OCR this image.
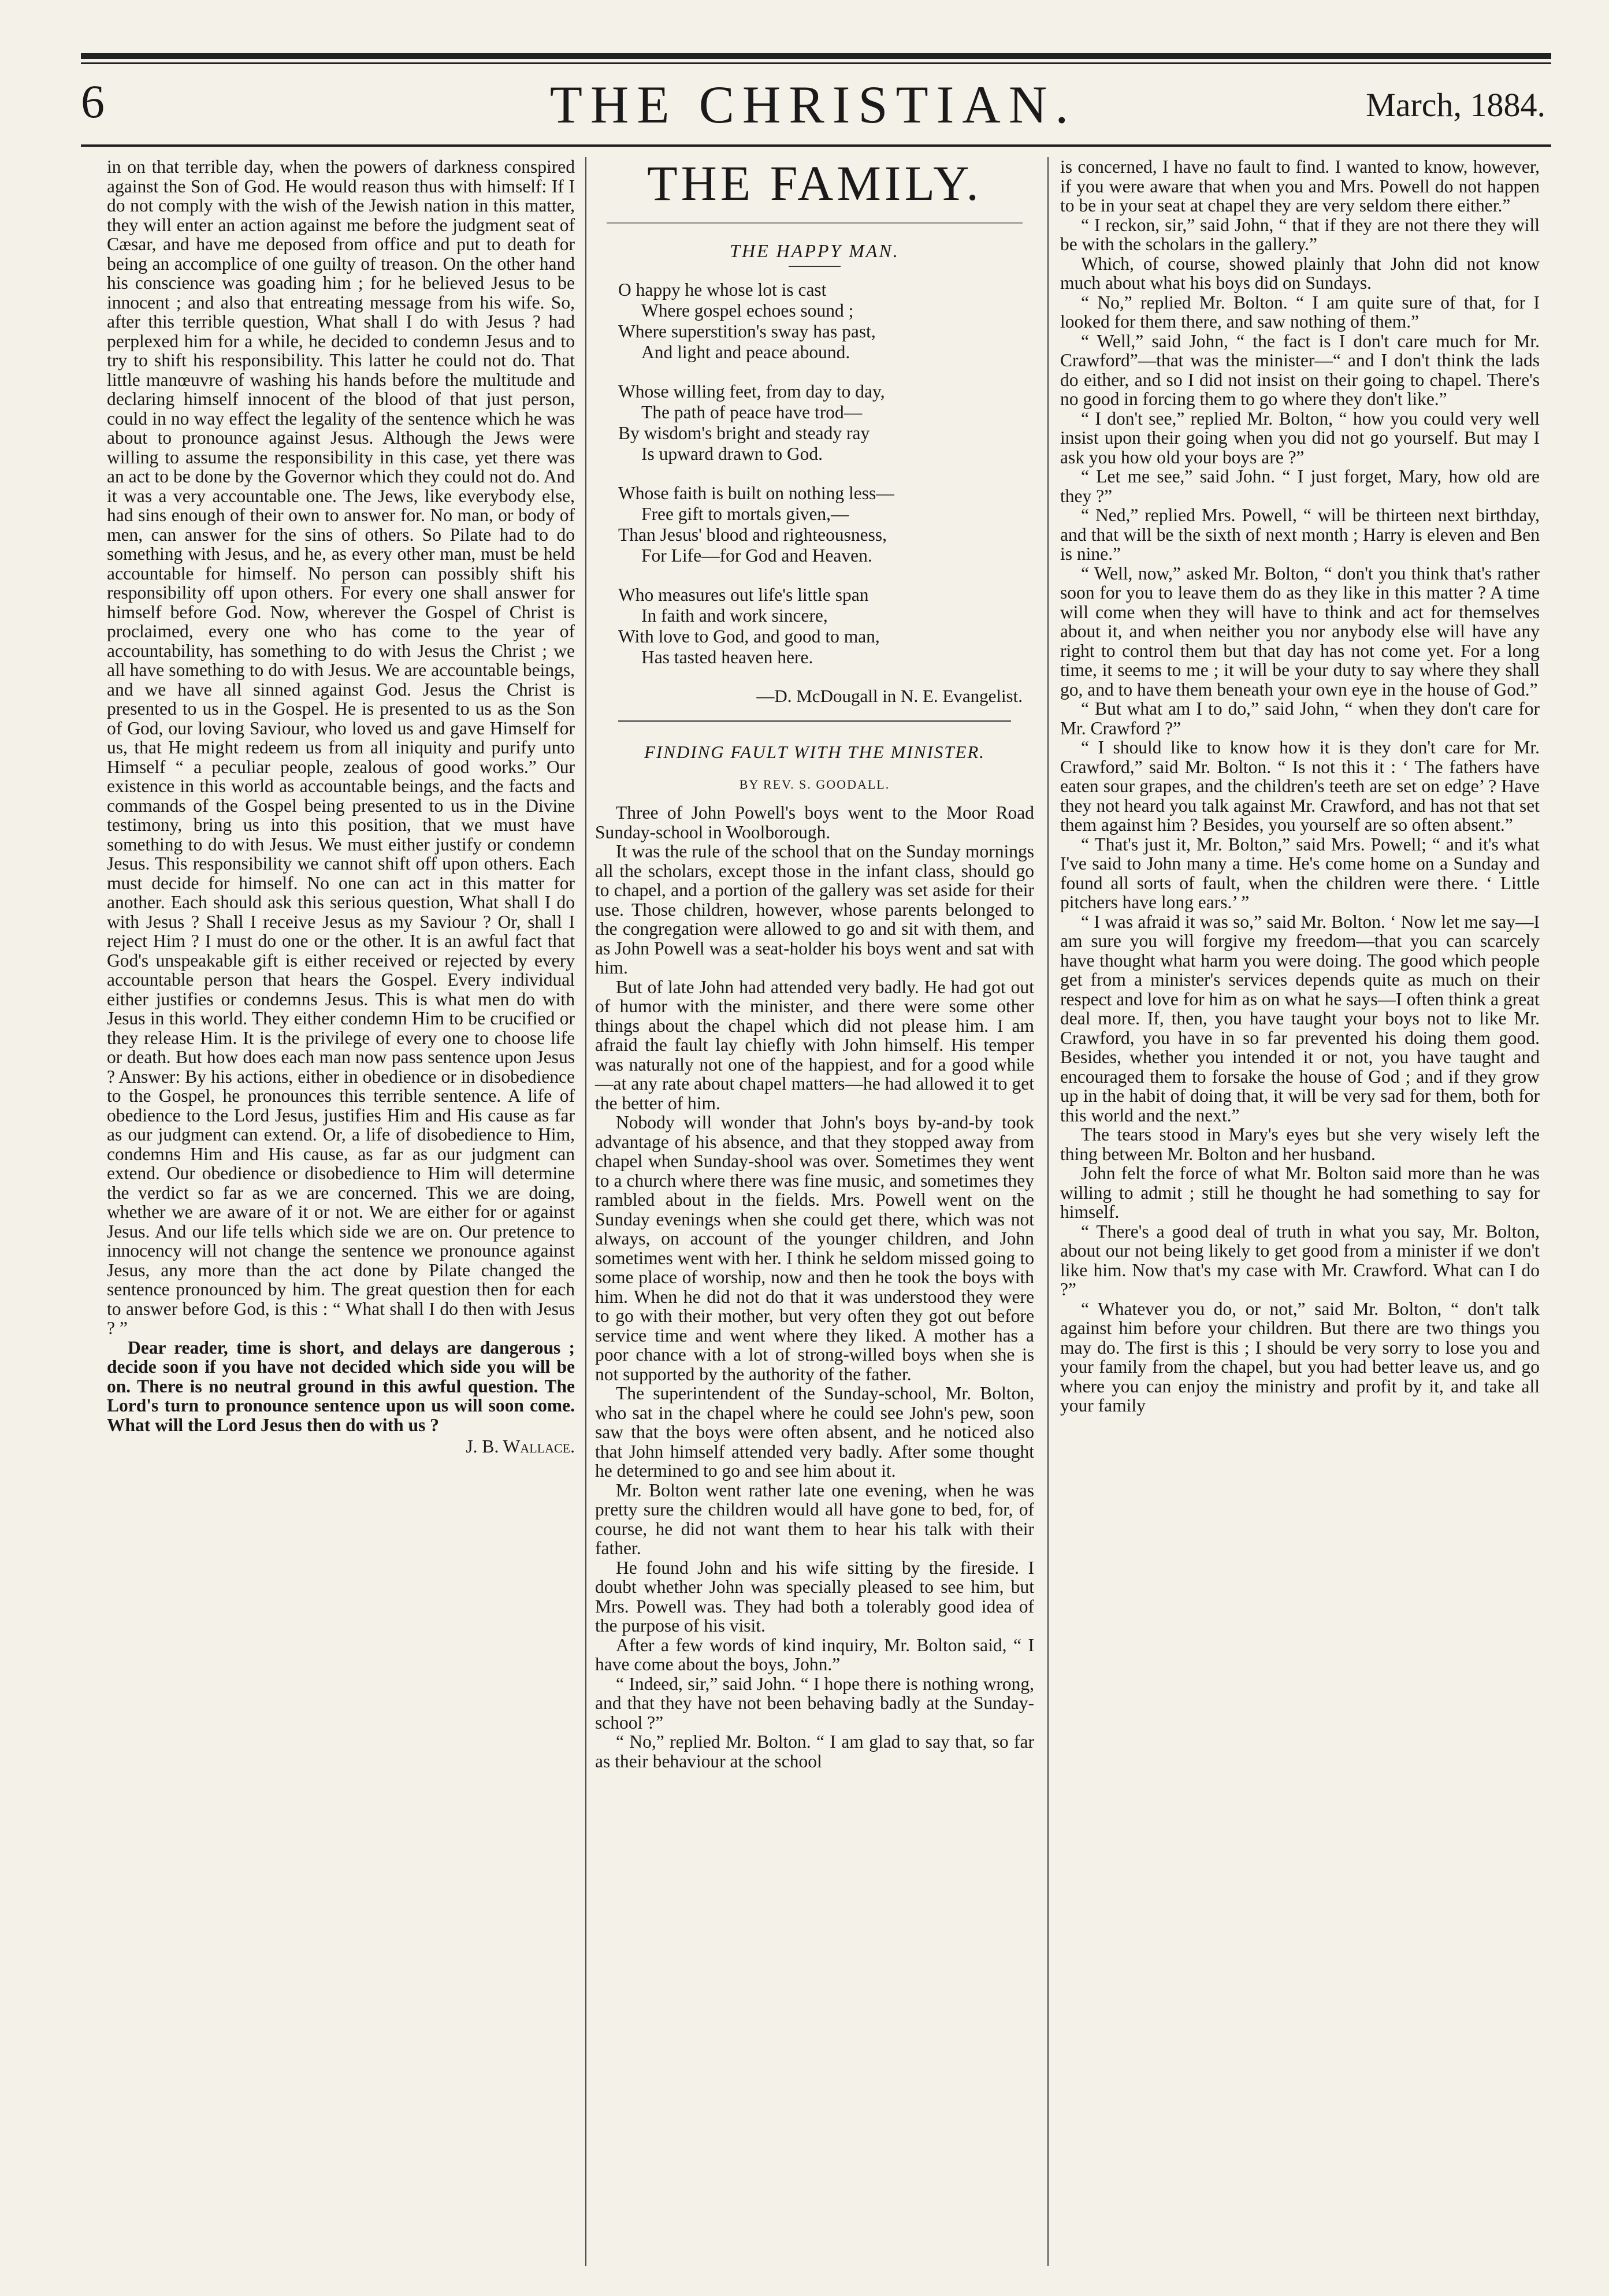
6	THE CHRISTIAN.	March, 1884.

in on that terrible day, when the powers of darkness conspired against the Son of God. He would reason thus with himself: If I do not comply with the wish of the Jewish nation in this matter, they will enter an action against me before the judgment seat of Cæsar, and have me deposed from office and put to death for being an accomplice of one guilty of treason. On the other hand his conscience was goading him ; for he believed Jesus to be innocent ; and also that entreating message from his wife. So, after this terrible question, What shall I do with Jesus ? had perplexed him for a while, he decided to condemn Jesus and to try to shift his responsibility. This latter he could not do. That little manœuvre of washing his hands before the multitude and declaring himself innocent of the blood of that just person, could in no way effect the legality of the sentence which he was about to pronounce against Jesus. Although the Jews were willing to assume the responsibility in this case, yet there was an act to be done by the Governor which they could not do. And it was a very accountable one. The Jews, like everybody else, had sins enough of their own to answer for. No man, or body of men, can answer for the sins of others. So Pilate had to do something with Jesus, and he, as every other man, must be held accountable for himself. No person can possibly shift his responsibility off upon others. For every one shall answer for himself before God. Now, wherever the Gospel of Christ is proclaimed, every one who has come to the year of accountability, has something to do with Jesus the Christ ; we all have something to do with Jesus. We are accountable beings, and we have all sinned against God. Jesus the Christ is presented to us in the Gospel. He is presented to us as the Son of God, our loving Saviour, who loved us and gave Himself for us, that He might redeem us from all iniquity and purify unto Himself “ a peculiar people, zealous of good works.” Our existence in this world as accountable beings, and the facts and commands of the Gospel being presented to us in the Divine testimony, bring us into this position, that we must have something to do with Jesus. We must either justify or condemn Jesus. This responsibility we cannot shift off upon others. Each must decide for himself. No one can act in this matter for another. Each should ask this serious question, What shall I do with Jesus ? Shall I receive Jesus as my Saviour ? Or, shall I reject Him ? I must do one or the other. It is an awful fact that God's unspeakable gift is either received or rejected by every accountable person that hears the Gospel. Every individual either justifies or condemns Jesus. This is what men do with Jesus in this world. They either condemn Him to be crucified or they release Him. It is the privilege of every one to choose life or death. But how does each man now pass sentence upon Jesus ? Answer: By his actions, either in obedience or in disobedience to the Gospel, he pronounces this terrible sentence. A life of obedience to the Lord Jesus, justifies Him and His cause as far as our judgment can extend. Or, a life of disobedience to Him, condemns Him and His cause, as far as our judgment can extend. Our obedience or disobedience to Him will determine the verdict so far as we are concerned. This we are doing, whether we are aware of it or not. We are either for or against Jesus. And our life tells which side we are on. Our pretence to innocency will not change the sentence we pronounce against Jesus, any more than the act done by Pilate changed the sentence pronounced by him. The great question then for each to answer before God, is this : “ What shall I do then with Jesus ? ”

Dear reader, time is short, and delays are dangerous ; decide soon if you have not decided which side you will be on. There is no neutral ground in this awful question. The Lord's turn to pronounce sentence upon us will soon come. What will the Lord Jesus then do with us ?

J. B. Wallace.
THE FAMILY.
THE HAPPY MAN.
O happy he whose lot is cast
Where gospel echoes sound ;
Where superstition's sway has past,
And light and peace abound.
Whose willing feet, from day to day,
The path of peace have trod—
By wisdom's bright and steady ray
Is upward drawn to God.
Whose faith is built on nothing less—
Free gift to mortals given,—
Than Jesus' blood and righteousness,
For Life—for God and Heaven.
Who measures out life's little span
In faith and work sincere,
With love to God, and good to man,
Has tasted heaven here.
—D. McDougall in N. E. Evangelist.
FINDING FAULT WITH THE MINISTER.
BY REV. S. GOODALL.

Three of John Powell's boys went to the Moor Road Sunday-school in Woolborough.

It was the rule of the school that on the Sunday mornings all the scholars, except those in the infant class, should go to chapel, and a portion of the gallery was set aside for their use. Those children, however, whose parents belonged to the congregation were allowed to go and sit with them, and as John Powell was a seat-holder his boys went and sat with him.

But of late John had attended very badly. He had got out of humor with the minister, and there were some other things about the chapel which did not please him. I am afraid the fault lay chiefly with John himself. His temper was naturally not one of the happiest, and for a good while—at any rate about chapel matters—he had allowed it to get the better of him.

Nobody will wonder that John's boys by-and-by took advantage of his absence, and that they stopped away from chapel when Sunday-shool was over. Sometimes they went to a church where there was fine music, and sometimes they rambled about in the fields. Mrs. Powell went on the Sunday evenings when she could get there, which was not always, on account of the younger children, and John sometimes went with her. I think he seldom missed going to some place of worship, now and then he took the boys with him. When he did not do that it was understood they were to go with their mother, but very often they got out before service time and went where they liked. A mother has a poor chance with a lot of strong-willed boys when she is not supported by the authority of the father.

The superintendent of the Sunday-school, Mr. Bolton, who sat in the chapel where he could see John's pew, soon saw that the boys were often absent, and he noticed also that John himself attended very badly. After some thought he determined to go and see him about it.

Mr. Bolton went rather late one evening, when he was pretty sure the children would all have gone to bed, for, of course, he did not want them to hear his talk with their father.

He found John and his wife sitting by the fireside. I doubt whether John was specially pleased to see him, but Mrs. Powell was. They had both a tolerably good idea of the purpose of his visit.

After a few words of kind inquiry, Mr. Bolton said, “ I have come about the boys, John.”

“ Indeed, sir,” said John. “ I hope there is nothing wrong, and that they have not been behaving badly at the Sunday-school ?”

“ No,” replied Mr. Bolton. “ I am glad to say that, so far as their behaviour at the school

is concerned, I have no fault to find. I wanted to know, however, if you were aware that when you and Mrs. Powell do not happen to be in your seat at chapel they are very seldom there either.”

“ I reckon, sir,” said John, “ that if they are not there they will be with the scholars in the gallery.”

Which, of course, showed plainly that John did not know much about what his boys did on Sundays.

“ No,” replied Mr. Bolton. “ I am quite sure of that, for I looked for them there, and saw nothing of them.”

“ Well,” said John, “ the fact is I don't care much for Mr. Crawford”—that was the minister—“ and I don't think the lads do either, and so I did not insist on their going to chapel. There's no good in forcing them to go where they don't like.”

“ I don't see,” replied Mr. Bolton, “ how you could very well insist upon their going when you did not go yourself. But may I ask you how old your boys are ?”

“ Let me see,” said John. “ I just forget, Mary, how old are they ?”

“ Ned,” replied Mrs. Powell, “ will be thirteen next birthday, and that will be the sixth of next month ; Harry is eleven and Ben is nine.”

“ Well, now,” asked Mr. Bolton, “ don't you think that's rather soon for you to leave them do as they like in this matter ? A time will come when they will have to think and act for themselves about it, and when neither you nor anybody else will have any right to control them but that day has not come yet. For a long time, it seems to me ; it will be your duty to say where they shall go, and to have them beneath your own eye in the house of God.”

“ But what am I to do,” said John, “ when they don't care for Mr. Crawford ?”

“ I should like to know how it is they don't care for Mr. Crawford,” said Mr. Bolton. “ Is not this it : ‘ The fathers have eaten sour grapes, and the children's teeth are set on edge’ ? Have they not heard you talk against Mr. Crawford, and has not that set them against him ? Besides, you yourself are so often absent.”

“ That's just it, Mr. Bolton,” said Mrs. Powell; “ and it's what I've said to John many a time. He's come home on a Sunday and found all sorts of fault, when the children were there. ‘ Little pitchers have long ears.’ ”

“ I was afraid it was so,” said Mr. Bolton. ‘ Now let me say—I am sure you will forgive my freedom—that you can scarcely have thought what harm you were doing. The good which people get from a minister's services depends quite as much on their respect and love for him as on what he says—I often think a great deal more. If, then, you have taught your boys not to like Mr. Crawford, you have in so far prevented his doing them good. Besides, whether you intended it or not, you have taught and encouraged them to forsake the house of God ; and if they grow up in the habit of doing that, it will be very sad for them, both for this world and the next.”

The tears stood in Mary's eyes but she very wisely left the thing between Mr. Bolton and her husband.

John felt the force of what Mr. Bolton said more than he was willing to admit ; still he thought he had something to say for himself.

“ There's a good deal of truth in what you say, Mr. Bolton, about our not being likely to get good from a minister if we don't like him. Now that's my case with Mr. Crawford. What can I do ?”

“ Whatever you do, or not,” said Mr. Bolton, “ don't talk against him before your children. But there are two things you may do. The first is this ; I should be very sorry to lose you and your family from the chapel, but you had better leave us, and go where you can enjoy the ministry and profit by it, and take all your family
